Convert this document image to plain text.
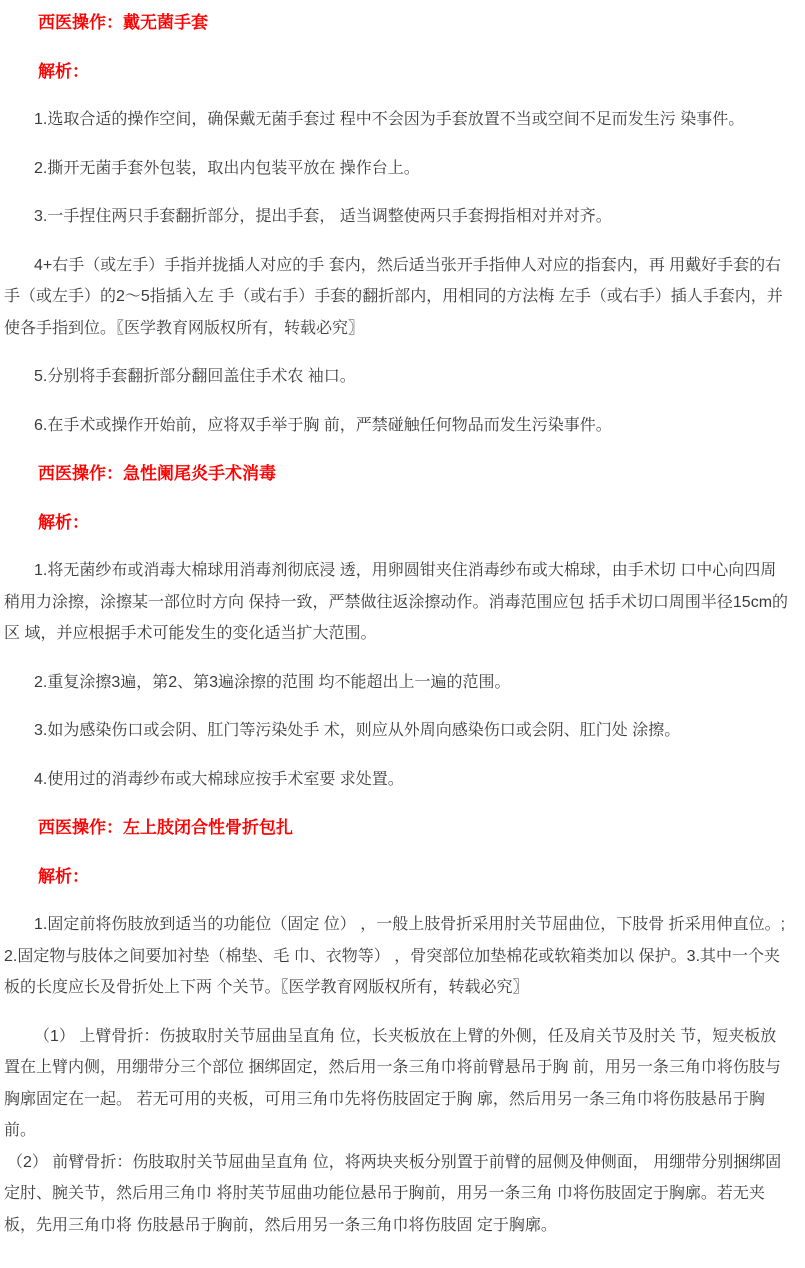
西医操作：戴无菌手套
解析：

1.选取合适的操作空间，确保戴无菌手套过 程中不会因为手套放置不当或空间不足而发生污 染事件。

2.撕开无菌手套外包装，取出内包装平放在 操作台上。

3.一手捏住两只手套翻折部分，提出手套， 适当调整使两只手套拇指相对并对齐。

4+右手（或左手）手指并拢插人对应的手 套内，然后适当张开手指伸人对应的指套内，再 用戴好手套的右手（或左手）的2～5指插入左 手（或右手）手套的翻折部内，用相同的方法梅 左手（或右手）插人手套内，并使各手指到位。〖医学教育网版权所有，转载必究〗

5.分别将手套翻折部分翻回盖住手术农 袖口。

6.在手术或操作开始前，应将双手举于胸 前，严禁碰触任何物品而发生污染事件。

西医操作：急性阑尾炎手术消毒
解析：

1.将无菌纱布或消毒大棉球用消毒剂彻底浸 透，用卵圆钳夹住消毒纱布或大棉球，由手术切 口中心向四周稍用力涂擦，涂擦某一部位时方向 保持一致，严禁做往返涂擦动作。消毒范围应包 括手术切口周围半径15cm的区 域，并应根据手术可能发生的变化适当扩大范围。

2.重复涂擦3遍，第2、第3遍涂擦的范围 均不能超出上一遍的范围。

3.如为感染伤口或会阴、肛门等污染处手 术，则应从外周向感染伤口或会阴、肛门处 涂擦。

4.使用过的消毒纱布或大棉球应按手术室要 求处置。

西医操作：左上肢闭合性骨折包扎
解析：

1.固定前将伤肢放到适当的功能位（固定 位） ，一般上肢骨折采用肘关节屈曲位，下肢骨 折采用伸直位。;2.固定物与肢体之间要加衬垫（棉垫、毛 巾、衣物等） ，骨突部位加垫棉花或软箱类加以 保护。3.其中一个夹板的长度应长及骨折处上下两 个关节。〖医学教育网版权所有，转载必究〗

（1） 上臂骨折：伤披取肘关节屈曲呈直角 位，长夹板放在上臂的外侧，任及肩关节及肘关 节，短夹板放置在上臂内侧，用绷带分三个部位 捆绑固定，然后用一条三角巾将前臂悬吊于胸 前，用另一条三角巾将伤肢与胸廓固定在一起。 若无可用的夹板，可用三角巾先将伤肢固定于胸 廓，然后用另一条三角巾将伤肢悬吊于胸前。

（2） 前臂骨折：伤肢取肘关节屈曲呈直角 位，将两块夹板分别置于前臂的屈侧及伸侧面， 用绷带分别捆绑固定肘、腕关节，然后用三角巾 将肘芙节屈曲功能位悬吊于胸前，用另一条三角 巾将伤肢固定于胸廓。若无夹板，先用三角巾将 伤肢悬吊于胸前，然后用另一条三角巾将伤肢固 定于胸廓。
